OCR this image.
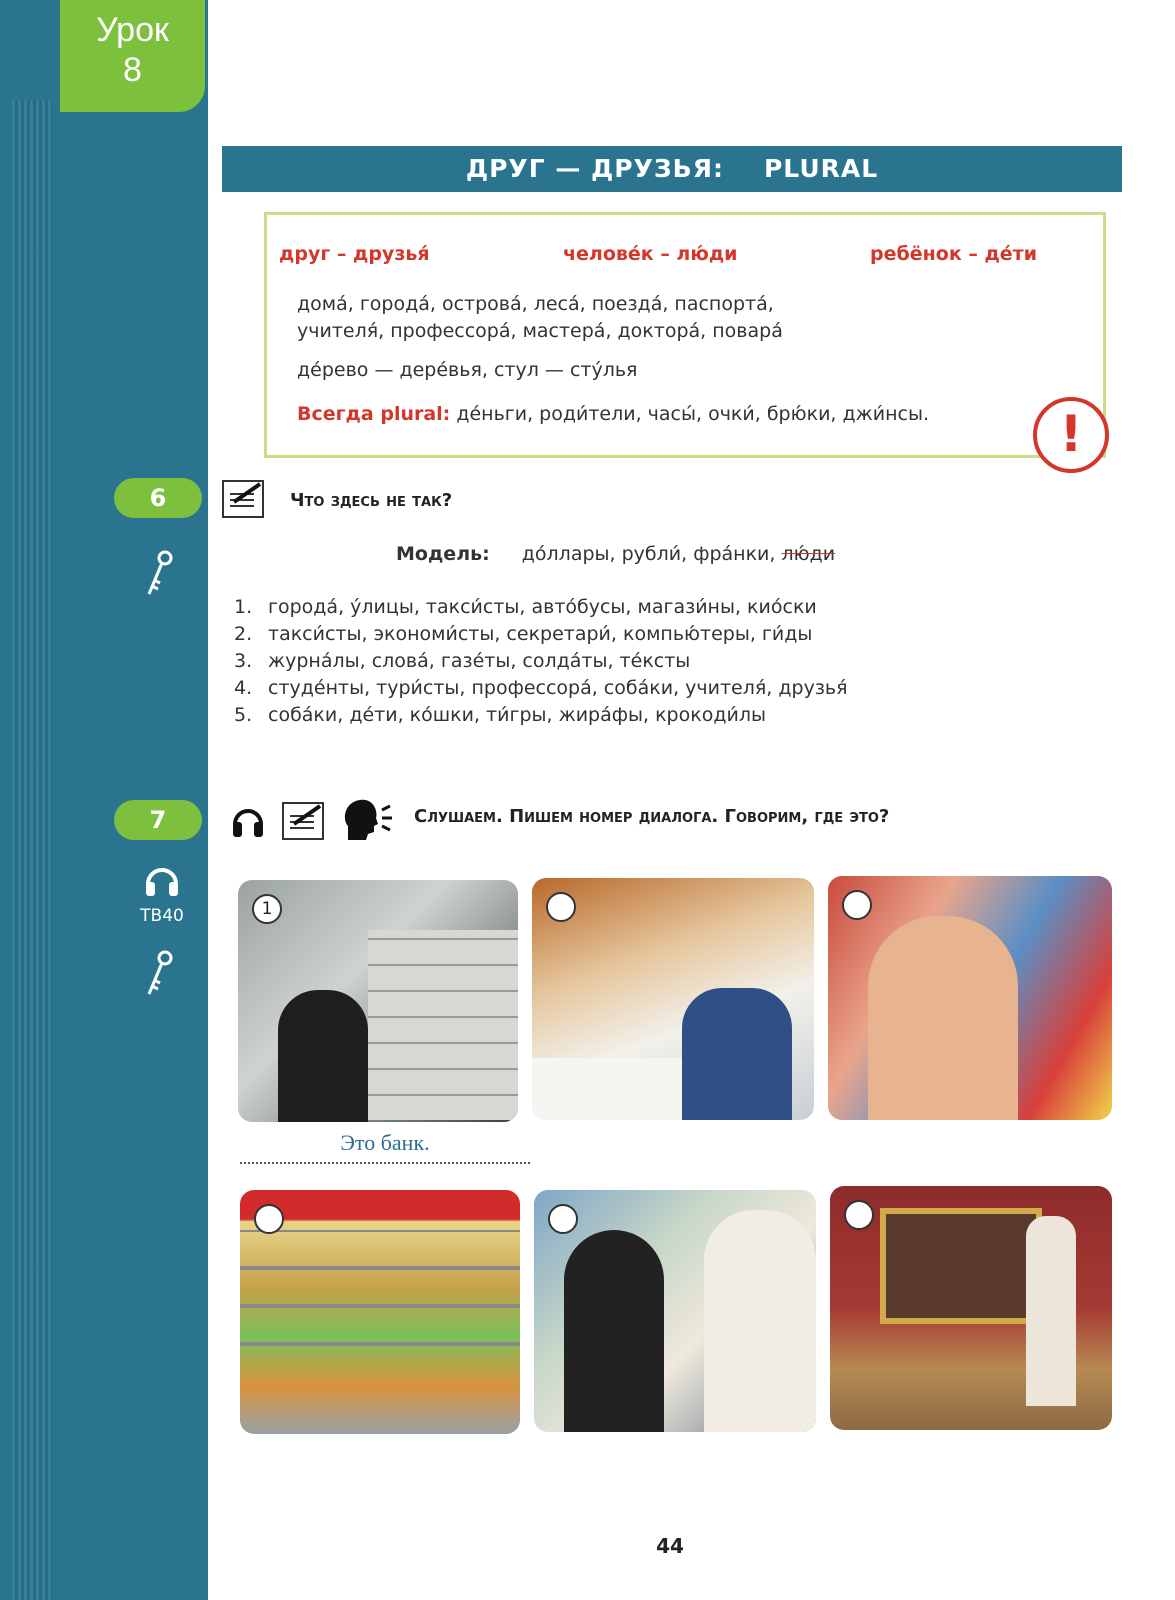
Урок
8
ДРУГ — ДРУЗЬЯ: PLURAL
друг – друзья́	челове́к – лю́ди	ребёнок – де́ти
дома́, города́, острова́, леса́, поезда́, паспорта́,
учителя́, профессора́, мастера́, доктора́, повара́
де́рево — дере́вья, стул — сту́лья
Всегда plural: де́ньги, роди́тели, часы́, очки́, брю́ки, джи́нсы.	!
6	Что здесь не так?
Модель: до́ллары, рубли́, фра́нки, лю́ди
1. города́, у́лицы, такси́сты, авто́бусы, магази́ны, кио́ски
2. такси́сты, экономи́сты, секретари́, компью́теры, ги́ды
3. журна́лы, слова́, газе́ты, солда́ты, те́ксты
4. студе́нты, тури́сты, профессора́, соба́ки, учителя́, друзья́
5. соба́ки, де́ти, ко́шки, ти́гры, жира́фы, крокоди́лы
7
TB40
Слушаем. Пишем номер диалога. Говорим, где это?
1
Это банк.
44
